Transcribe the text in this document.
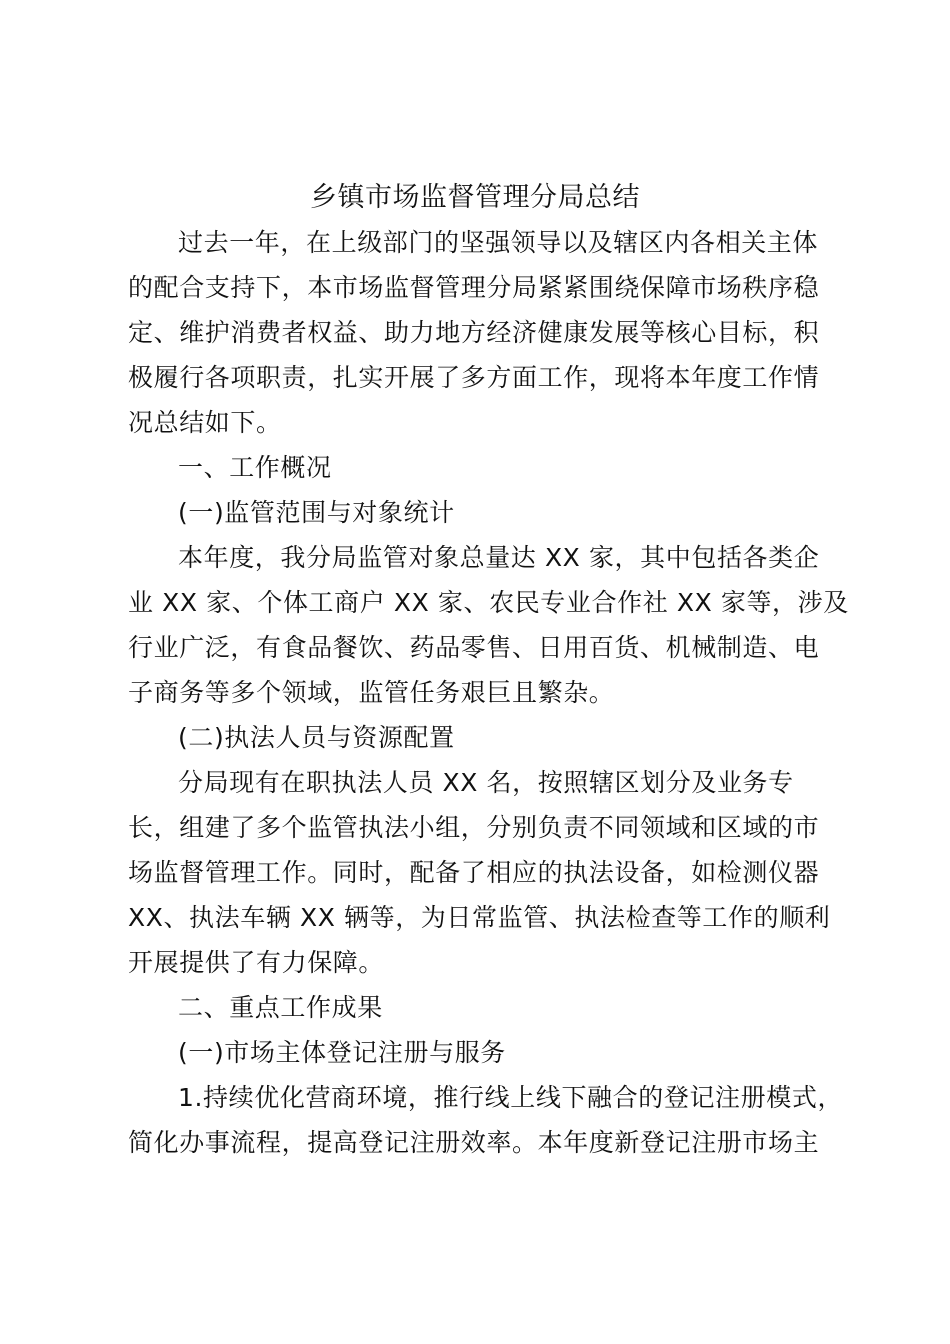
乡镇市场监督管理分局总结

过去一年，在上级部门的坚强领导以及辖区内各相关主体
的配合支持下，本市场监督管理分局紧紧围绕保障市场秩序稳
定、维护消费者权益、助力地方经济健康发展等核心目标，积
极履行各项职责，扎实开展了多方面工作，现将本年度工作情
况总结如下。

一、工作概况

(一)监管范围与对象统计

本年度，我分局监管对象总量达 XX 家，其中包括各类企
业 XX 家、个体工商户 XX 家、农民专业合作社 XX 家等，涉及
行业广泛，有食品餐饮、药品零售、日用百货、机械制造、电
子商务等多个领域，监管任务艰巨且繁杂。

(二)执法人员与资源配置

分局现有在职执法人员 XX 名，按照辖区划分及业务专
长，组建了多个监管执法小组，分别负责不同领域和区域的市
场监督管理工作。同时，配备了相应的执法设备，如检测仪器
XX、执法车辆 XX 辆等，为日常监管、执法检查等工作的顺利
开展提供了有力保障。

二、重点工作成果

(一)市场主体登记注册与服务

1.持续优化营商环境，推行线上线下融合的登记注册模式，
简化办事流程，提高登记注册效率。本年度新登记注册市场主
